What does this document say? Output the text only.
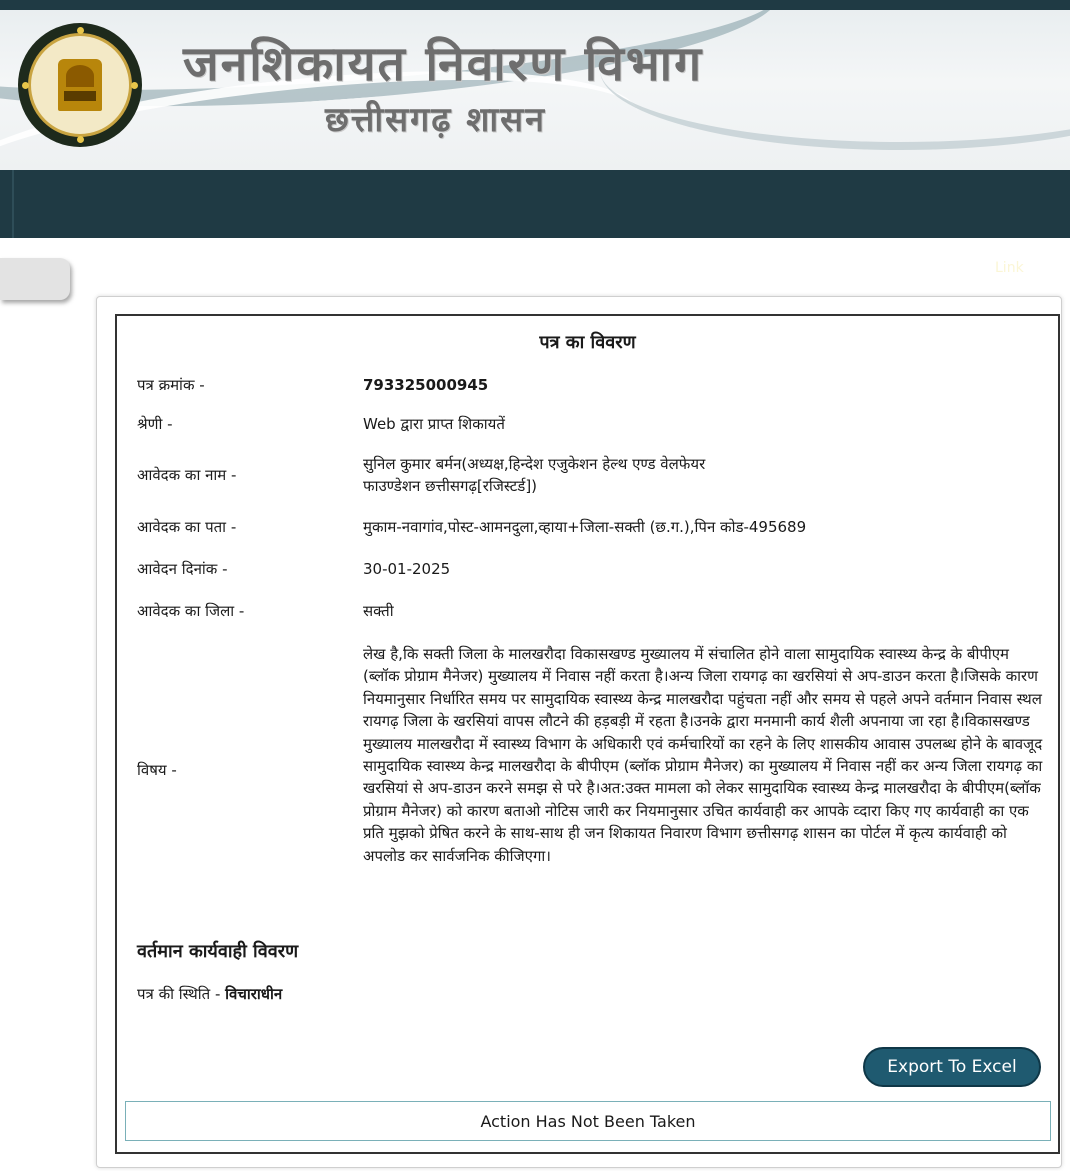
जनशिकायत निवारण विभाग
छत्तीसगढ़ शासन
Link
पत्र का विवरण
पत्र क्रमांक -	793325000945
श्रेणी -	Web द्वारा प्राप्त शिकायतें
आवेदक का नाम -
सुनिल कुमार बर्मन(अध्यक्ष,हिन्देश एजुकेशन हेल्थ एण्ड वेलफेयर
फाउण्डेशन छत्तीसगढ़[रजिस्टर्ड])
आवेदक का पता -	मुकाम-नवागांव,पोस्ट-आमनदुला,व्हाया+जिला-सक्ती (छ.ग.),पिन कोड-495689
आवेदन दिनांक -	30-01-2025
आवेदक का जिला -	सक्ती
विषय -
लेख है,कि सक्ती जिला के मालखरौदा विकासखण्ड मुख्यालय में संचालित होने वाला सामुदायिक स्वास्थ्य केन्द्र के बीपीएम (ब्लॉक प्रोग्राम मैनेजर) मुख्यालय में निवास नहीं करता है।अन्य जिला रायगढ़ का खरसियां से अप-डाउन करता है।जिसके कारण नियमानुसार निर्धारित समय पर सामुदायिक स्वास्थ्य केन्द्र मालखरौदा पहुंचता नहीं और समय से पहले अपने वर्तमान निवास स्थल रायगढ़ जिला के खरसियां वापस लौटने की हड़बड़ी में रहता है।उनके द्वारा मनमानी कार्य शैली अपनाया जा रहा है।विकासखण्ड मुख्यालय मालखरौदा में स्वास्थ्य विभाग के अधिकारी एवं कर्मचारियों का रहने के लिए शासकीय आवास उपलब्ध होने के बावजूद सामुदायिक स्वास्थ्य केन्द्र मालखरौदा के बीपीएम (ब्लॉक प्रोग्राम मैनेजर) का मुख्यालय में निवास नहीं कर अन्य जिला रायगढ़ का खरसियां से अप-डाउन करने समझ से परे है।अत:उक्त मामला को लेकर सामुदायिक स्वास्थ्य केन्द्र मालखरौदा के बीपीएम(ब्लॉक प्रोग्राम मैनेजर) को कारण बताओ नोटिस जारी कर नियमानुसार उचित कार्यवाही कर आपके व्दारा किए गए कार्यवाही का एक प्रति मुझको प्रेषित करने के साथ-साथ ही जन शिकायत निवारण विभाग छत्तीसगढ़ शासन का पोर्टल में कृत्य कार्यवाही को अपलोड कर सार्वजनिक कीजिएगा।
वर्तमान कार्यवाही विवरण
पत्र की स्थिति - विचाराधीन
Export To Excel
Action Has Not Been Taken
